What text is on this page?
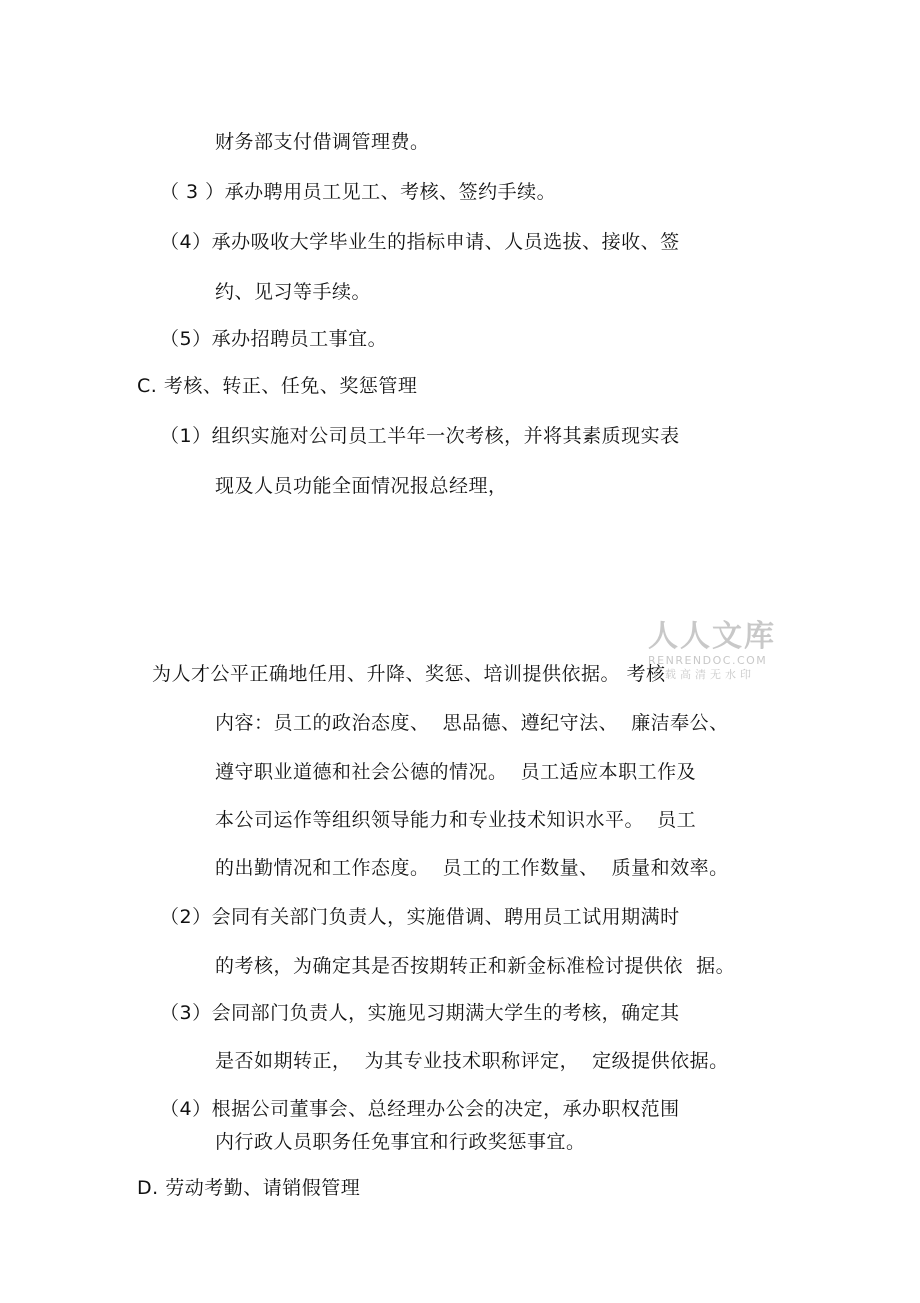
财务部支付借调管理费。
（ 3 ）承办聘用员工见工、考核、签约手续。
（4）承办吸收大学毕业生的指标申请、人员选拔、接收、签
约、见习等手续。
（5）承办招聘员工事宜。
C. 考核、转正、任免、奖惩管理
（1）组织实施对公司员工半年一次考核，并将其素质现实表
现及人员功能全面情况报总经理，
为人才公平正确地任用、升降、奖惩、培训提供依据。 考核
内容：员工的政治态度、  思品德、遵纪守法、  廉洁奉公、
遵守职业道德和社会公德的情况。  员工适应本职工作及
本公司运作等组织领导能力和专业技术知识水平。  员工
的出勤情况和工作态度。  员工的工作数量、  质量和效率。
（2）会同有关部门负责人，实施借调、聘用员工试用期满时
的考核，为确定其是否按期转正和新金标准检讨提供依  据。
（3）会同部门负责人，实施见习期满大学生的考核，确定其
是否如期转正，  为其专业技术职称评定，  定级提供依据。
（4）根据公司董事会、总经理办公会的决定，承办职权范围
内行政人员职务任免事宜和行政奖惩事宜。
D. 劳动考勤、请销假管理
人人文库
RENRENDOC.COM
下载高清无水印
